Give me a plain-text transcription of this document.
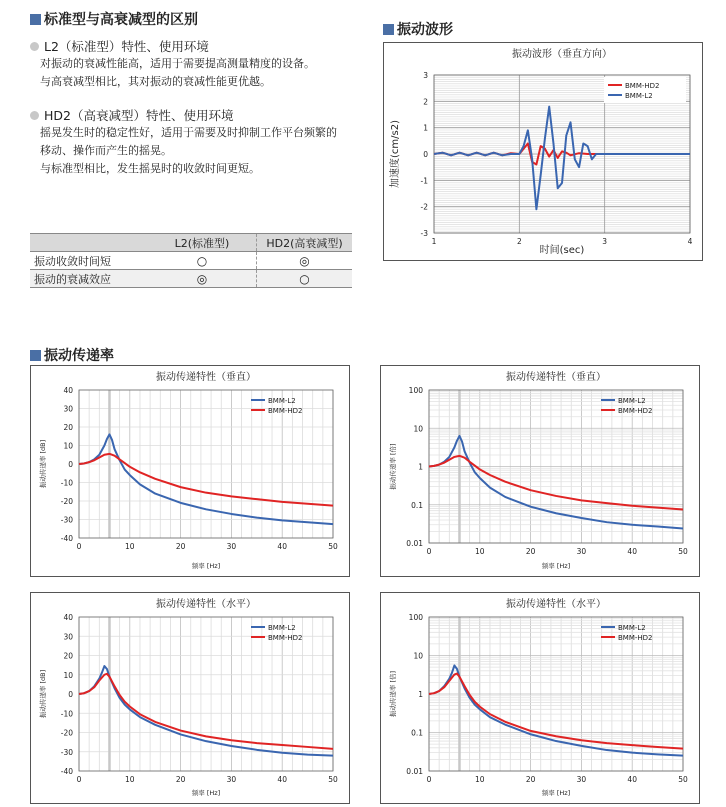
标准型与高衰减型的区别
L2（标准型）特性、使用环境
对振动的衰减性能高，适用于需要提高测量精度的设备。
与高衰减型相比，其对振动的衰减性能更优越。
HD2（高衰减型）特性、使用环境
摇晃发生时的稳定性好，适用于需要及时抑制工作平台频繁的
移动、操作而产生的摇晃。
与标准型相比，发生摇晃时的收敛时间更短。
	L2(标准型)	HD2(高衰减型)
振动收敛时间短	○	◎
振动的衰减效应	◎	○
振动波形
振动波形（垂直方向）
-3
-2
-1
0
1
2
3
1	2	3	4
时间(sec)
加速度(cm/s2)
BMM-HD2
BMM-L2
振动传递率
振动传递特性（垂直）
-40
-30
-20
-10
0
10
20
30
40
0	10	20	30	40	50
频率 [Hz]
振动传递率 [dB]
BMM-L2
BMM-HD2
振动传递特性（垂直）
0.01
0.1
1
10
100
0	10	20	30	40	50
频率 [Hz]
振动传递率 [倍]
BMM-L2
BMM-HD2
振动传递特性（水平）
-40
-30
-20
-10
0
10
20
30
40
0	10	20	30	40	50
频率 [Hz]
振动传递率 [dB]
BMM-L2
BMM-HD2
振动传递特性（水平）
0.01
0.1
1
10
100
0	10	20	30	40	50
频率 [Hz]
振动传递率 [倍]
BMM-L2
BMM-HD2
